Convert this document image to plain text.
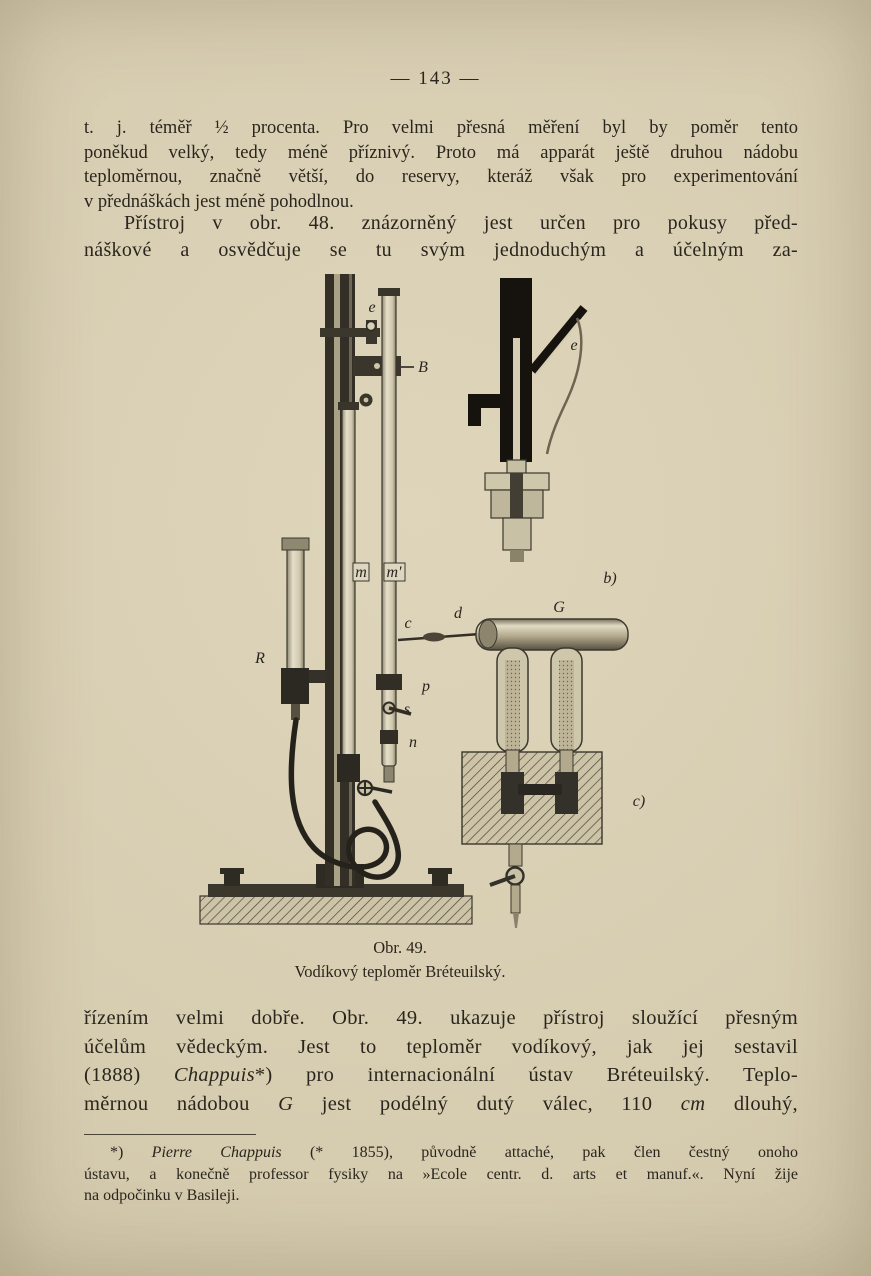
— 143 —
t. j. téměř ½ procenta. Pro velmi přesná měření byl by poměr tento
poněkud velký, tedy méně příznivý. Proto má apparát ještě druhou nádobu
teploměrnou, značně větší, do reservy, kteráž však pro experimentování
v přednáškách jest méně pohodlnou.
Přístroj v obr. 48. znázorněný jest určen pro pokusy před-
náškové a osvědčuje se tu svým jednoduchým a účelným za-
e
B
m m'
R
c
d	G
p
s
n
e
b)
c)
Obr. 49.
Vodíkový teploměr Bréteuilský.
řízením velmi dobře. Obr. 49. ukazuje přístroj sloužící přesným
účelům vědeckým. Jest to teploměr vodíkový, jak jej sestavil
(1888) Chappuis*) pro internacionální ústav Bréteuilský. Teplo-
měrnou nádobou G jest podélný dutý válec, 110 cm dlouhý,
*) Pierre Chappuis (* 1855), původně attaché, pak člen čestný onoho
ústavu, a konečně professor fysiky na »Ecole centr. d. arts et manuf.«. Nyní žije
na odpočinku v Basileji.
